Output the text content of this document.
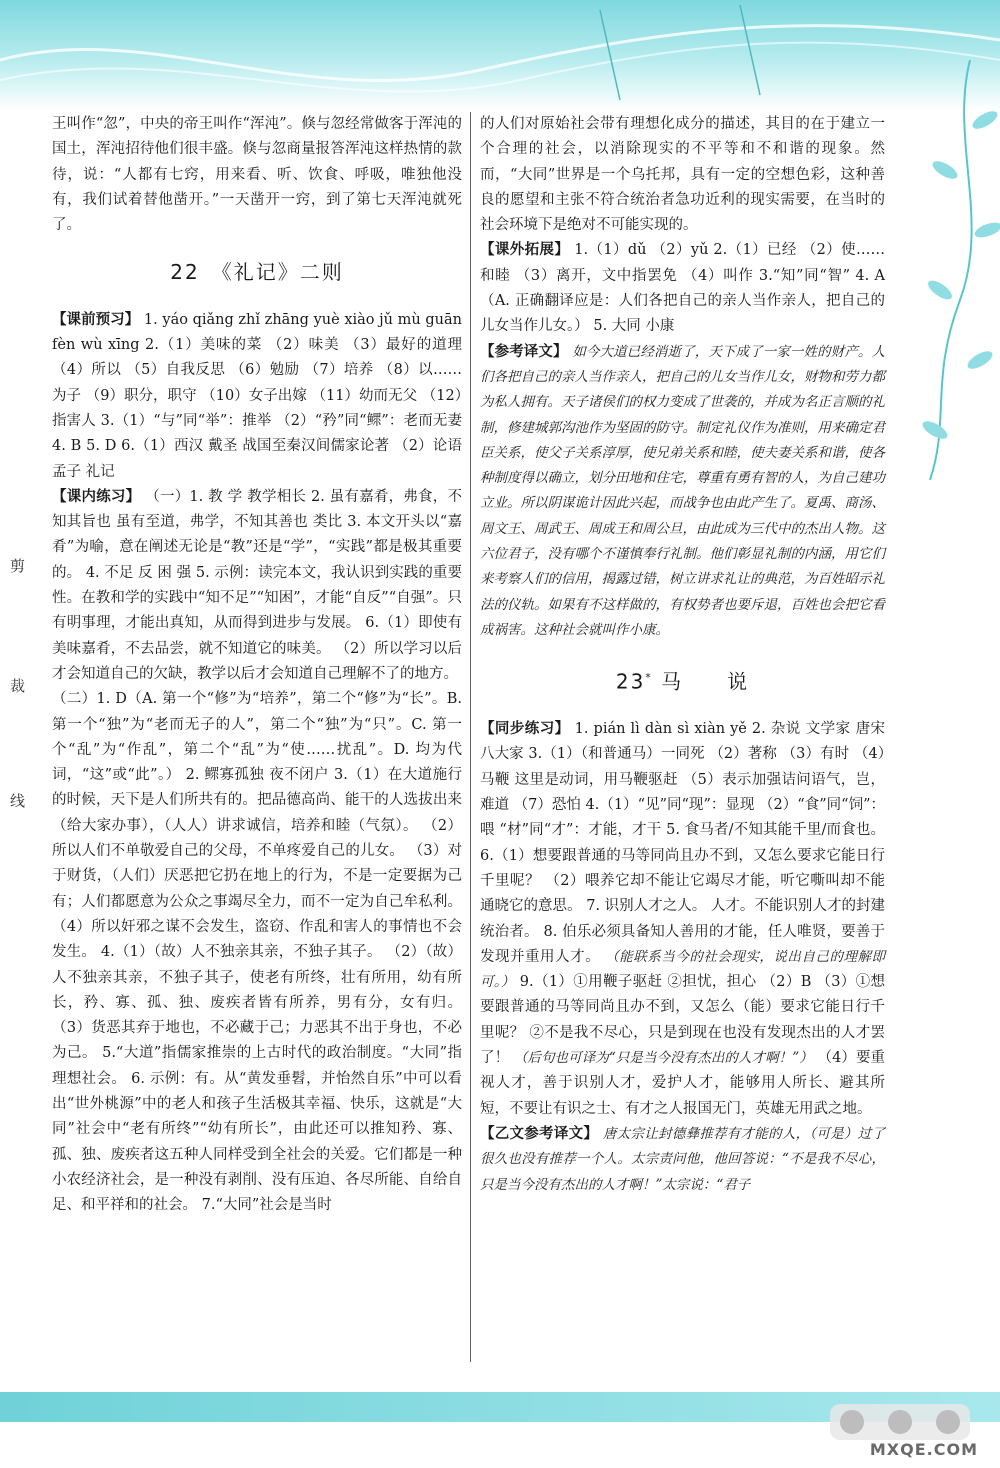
剪
裁
线

王叫作“忽”，中央的帝王叫作“浑沌”。倏与忽经常做客于浑沌的国土，浑沌招待他们很丰盛。倏与忽商量报答浑沌这样热情的款待，说：“人都有七窍，用来看、听、饮食、呼吸，唯独他没有，我们试着替他凿开。”一天凿开一窍，到了第七天浑沌就死了。

22　《礼记》二则

【课前预习】 1. yáo qiǎng zhǐ zhāng yuè xiào jǔ mù guān fèn wù xīng 2.（1）美味的菜 （2）味美 （3）最好的道理 （4）所以 （5）自我反思 （6）勉励 （7）培养 （8）以……为子 （9）职分，职守 （10）女子出嫁 （11）幼而无父 （12）指害人 3.（1）“与”同“举”：推举 （2）“矜”同“鳏”：老而无妻 4. B 5. D 6.（1）西汉 戴圣 战国至秦汉间儒家论著 （2）论语 孟子 礼记

【课内练习】 （一）1. 教 学 教学相长 2. 虽有嘉肴，弗食，不知其旨也 虽有至道，弗学，不知其善也 类比 3. 本文开头以“嘉肴”为喻，意在阐述无论是“教”还是“学”，“实践”都是极其重要的。 4. 不足 反 困 强 5. 示例：读完本文，我认识到实践的重要性。在教和学的实践中“知不足”“知困”，才能“自反”“自强”。只有明事理，才能出真知，从而得到进步与发展。 6.（1）即使有美味嘉肴，不去品尝，就不知道它的味美。 （2）所以学习以后才会知道自己的欠缺，教学以后才会知道自己理解不了的地方。

（二）1. D（A. 第一个“修”为“培养”，第二个“修”为“长”。B. 第一个“独”为“老而无子的人”，第二个“独”为“只”。C. 第一个“乱”为“作乱”，第二个“乱”为“使……扰乱”。D. 均为代词，“这”或“此”。） 2. 鳏寡孤独 夜不闭户 3.（1）在大道施行的时候，天下是人们所共有的。把品德高尚、能干的人选拔出来（给大家办事），（人人）讲求诚信，培养和睦（气氛）。 （2）所以人们不单敬爱自己的父母，不单疼爱自己的儿女。 （3）对于财货，（人们）厌恶把它扔在地上的行为，不是一定要据为己有；人们都愿意为公众之事竭尽全力，而不一定为自己牟私利。 （4）所以奸邪之谋不会发生，盗窃、作乱和害人的事情也不会发生。 4.（1）（故）人不独亲其亲，不独子其子。 （2）（故）人不独亲其亲，不独子其子，使老有所终，壮有所用，幼有所长，矜、寡、孤、独、废疾者皆有所养，男有分，女有归。 （3）货恶其弃于地也，不必藏于己；力恶其不出于身也，不必为己。 5.“大道”指儒家推崇的上古时代的政治制度。“大同”指理想社会。 6. 示例：有。从“黄发垂髫，并怡然自乐”中可以看出“世外桃源”中的老人和孩子生活极其幸福、快乐，这就是“大同”社会中“老有所终”“幼有所长”，由此还可以推知矜、寡、孤、独、废疾者这五种人同样受到全社会的关爱。它们都是一种小农经济社会，是一种没有剥削、没有压迫、各尽所能、自给自足、和平祥和的社会。 7.“大同”社会是当时

的人们对原始社会带有理想化成分的描述，其目的在于建立一个合理的社会，以消除现实的不平等和不和谐的现象。然而，“大同”世界是一个乌托邦，具有一定的空想色彩，这种善良的愿望和主张不符合统治者急功近利的现实需要，在当时的社会环境下是绝对不可能实现的。

【课外拓展】 1.（1）dǔ （2）yǔ 2.（1）已经 （2）使……和睦 （3）离开，文中指罢免 （4）叫作 3.“知”同“智” 4. A（A. 正确翻译应是：人们各把自己的亲人当作亲人，把自己的儿女当作儿女。） 5. 大同 小康

【参考译文】 如今大道已经消逝了，天下成了一家一姓的财产。人们各把自己的亲人当作亲人，把自己的儿女当作儿女，财物和劳力都为私人拥有。天子诸侯们的权力变成了世袭的，并成为名正言顺的礼制，修建城郭沟池作为坚固的防守。制定礼仪作为准则，用来确定君臣关系，使父子关系淳厚，使兄弟关系和睦，使夫妻关系和谐，使各种制度得以确立，划分田地和住宅，尊重有勇有智的人，为自己建功立业。所以阴谋诡计因此兴起，而战争也由此产生了。夏禹、商汤、周文王、周武王、周成王和周公旦，由此成为三代中的杰出人物。这六位君子，没有哪个不谨慎奉行礼制。他们彰显礼制的内涵，用它们来考察人们的信用，揭露过错，树立讲求礼让的典范，为百姓昭示礼法的仪轨。如果有不这样做的，有权势者也要斥退，百姓也会把它看成祸害。这种社会就叫作小康。

23* 马　　说

【同步练习】 1. pián lì dàn sì xiàn yě 2. 杂说 文学家 唐宋八大家 3.（1）（和普通马）一同死 （2）著称 （3）有时 （4）马鞭 这里是动词，用马鞭驱赶 （5）表示加强诘问语气，岂，难道 （7）恐怕 4.（1）“见”同“现”：显现 （2）“食”同“饲”：喂 “材”同“才”：才能，才干 5. 食马者/不知其能千里/而食也。 6.（1）想要跟普通的马等同尚且办不到，又怎么要求它能日行千里呢？ （2）喂养它却不能让它竭尽才能，听它嘶叫却不能通晓它的意思。 7. 识别人才之人。 人才。不能识别人才的封建统治者。 8. 伯乐必须具备知人善用的才能，任人唯贤，要善于发现并重用人才。 （能联系当今的社会现实，说出自己的理解即可。） 9.（1）①用鞭子驱赶 ②担忧，担心 （2）B （3）①想要跟普通的马等同尚且办不到，又怎么（能）要求它能日行千里呢？ ②不是我不尽心，只是到现在也没有发现杰出的人才罢了！ （后句也可译为“只是当今没有杰出的人才啊！”） （4）要重视人才，善于识别人才，爱护人才，能够用人所长、避其所短，不要让有识之士、有才之人报国无门，英雄无用武之地。

【乙文参考译文】 唐太宗让封德彝推荐有才能的人，（可是）过了很久也没有推荐一个人。太宗责问他，他回答说：“不是我不尽心，只是当今没有杰出的人才啊！”太宗说：“君子

MXQE.COM
